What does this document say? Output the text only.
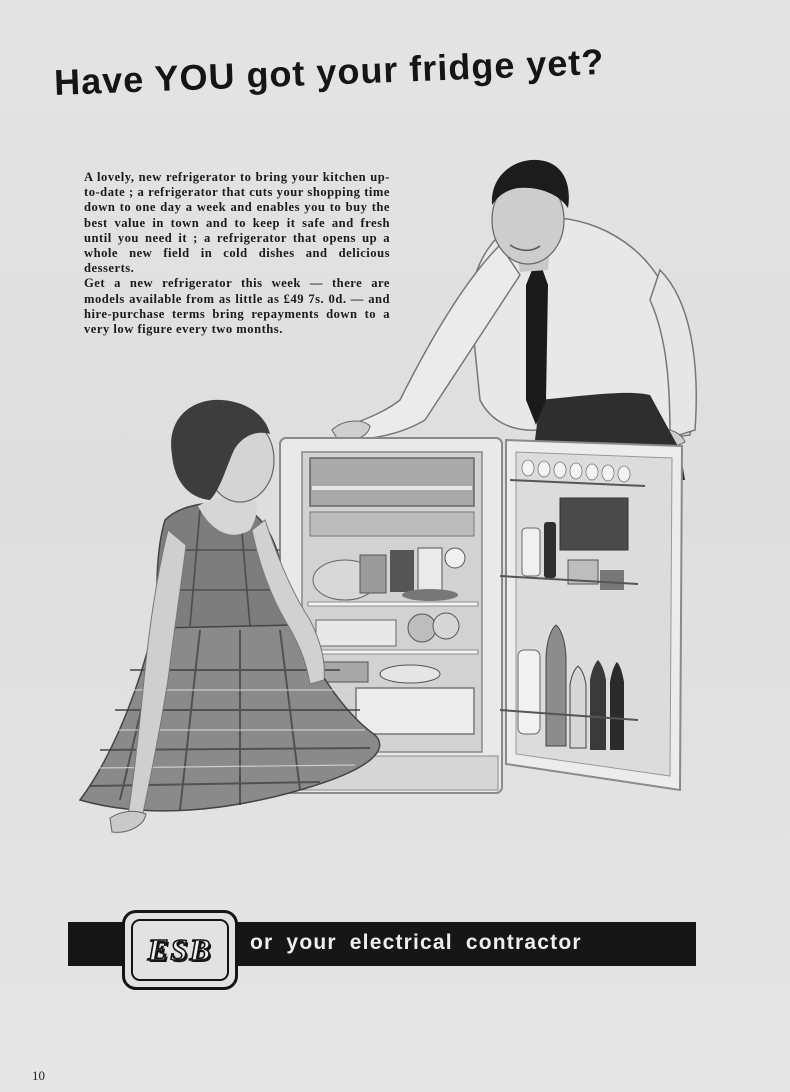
Have YOU got your fridge yet?

A lovely, new refrigerator to bring your kitchen up-to-date ; a refrigerator that cuts your shopping time down to one day a week and enables you to buy the best value in town and to keep it safe and fresh until you need it ; a refrigerator that opens up a whole new field in cold dishes and delicious desserts.

Get a new refrigerator this week — there are models available from as little as £49 7s. 0d. — and hire-purchase terms bring repayments down to a very low figure every two months.

or your electrical contractor
ESB
10
